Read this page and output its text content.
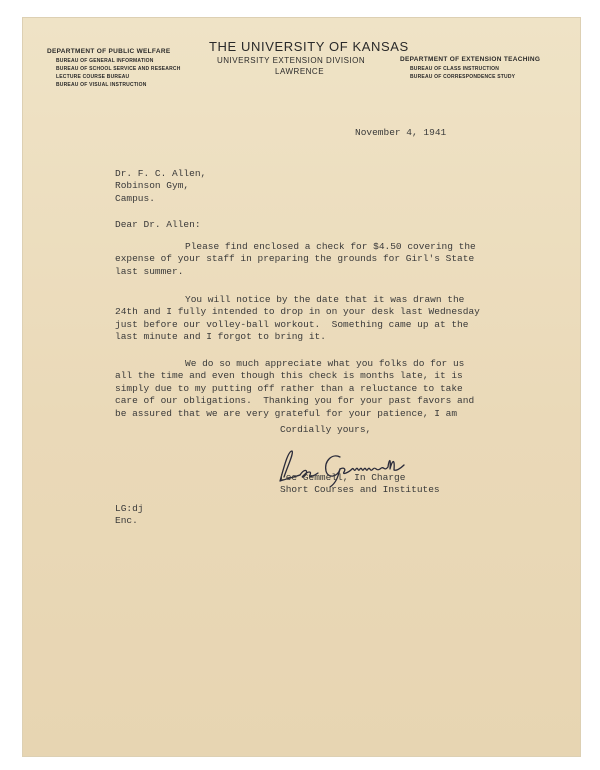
THE UNIVERSITY OF KANSAS
UNIVERSITY EXTENSION DIVISION
LAWRENCE
DEPARTMENT OF PUBLIC WELFARE
BUREAU OF GENERAL INFORMATION
BUREAU OF SCHOOL SERVICE AND RESEARCH
LECTURE COURSE BUREAU
BUREAU OF VISUAL INSTRUCTION
DEPARTMENT OF EXTENSION TEACHING
BUREAU OF CLASS INSTRUCTION
BUREAU OF CORRESPONDENCE STUDY
November 4, 1941
Dr. F. C. Allen,
Robinson Gym,
Campus.
Dear Dr. Allen:
Please find enclosed a check for $4.50 covering the
expense of your staff in preparing the grounds for Girl's State
last summer.
You will notice by the date that it was drawn the
24th and I fully intended to drop in on your desk last Wednesday
just before our volley-ball workout.  Something came up at the
last minute and I forgot to bring it.
We do so much appreciate what you folks do for us
all the time and even though this check is months late, it is
simply due to my putting off rather than a reluctance to take
care of our obligations.  Thanking you for your past favors and
be assured that we are very grateful for your patience, I am
Cordially yours,
Lee Gemmell, In Charge
Short Courses and Institutes
LG:dj
Enc.
